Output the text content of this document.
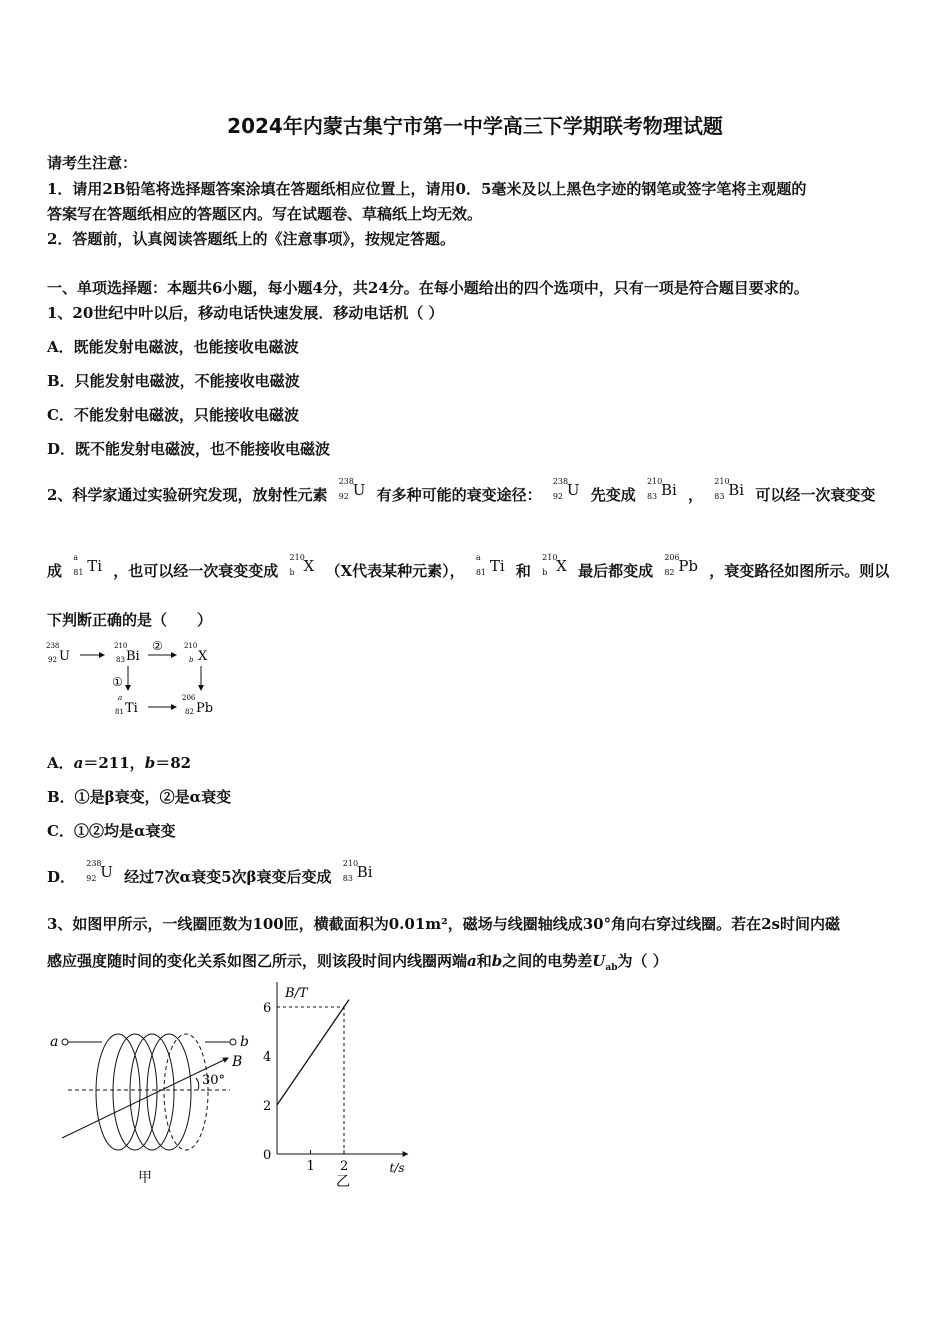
2024年内蒙古集宁市第一中学高三下学期联考物理试题
请考生注意：
1．请用2B铅笔将选择题答案涂填在答题纸相应位置上，请用0．5毫米及以上黑色字迹的钢笔或签字笔将主观题的
答案写在答题纸相应的答题区内。写在试题卷、草稿纸上均无效。
2．答题前，认真阅读答题纸上的《注意事项》，按规定答题。
一、单项选择题：本题共6小题，每小题4分，共24分。在每小题给出的四个选项中，只有一项是符合题目要求的。
1、20世纪中叶以后，移动电话快速发展．移动电话机（ ）
A．既能发射电磁波，也能接收电磁波
B．只能发射电磁波，不能接收电磁波
C．不能发射电磁波，只能接收电磁波
D．既不能发射电磁波，也不能接收电磁波
2、科学家通过实验研究发现，放射性元素
238
92 U 有多种可能的衰变途径：
238
92 U 先变成
210
83 Bi ，
210
83 Bi 可以经一次衰变变
成
a
81 Ti ，也可以经一次衰变变成
210
b X （X代表某种元素），
a
81 Ti 和
210
b X 最后都变成
206
82 Pb ，衰变路径如图所示。则以
下判断正确的是（　　）
238
92 U
210
83 Bi
②	210
b X
①
a
81 Ti
206
82 Pb
A．a＝211，b＝82
B．①是β衰变，②是α衰变
C．①②均是α衰变
D．
238
92 U 经过7次α衰变5次β衰变后变成
210
83 Bi
3、如图甲所示，一线圈匝数为100匝，横截面积为0.01m²，磁场与线圈轴线成30°角向右穿过线圈。若在2s时间内磁
感应强度随时间的变化关系如图乙所示，则该段时间内线圈两端a和b之间的电势差$U_{ab}$为（ ）
a	b
B
30°
甲
B/T
t/s
0
2
4
6
1 2
乙
